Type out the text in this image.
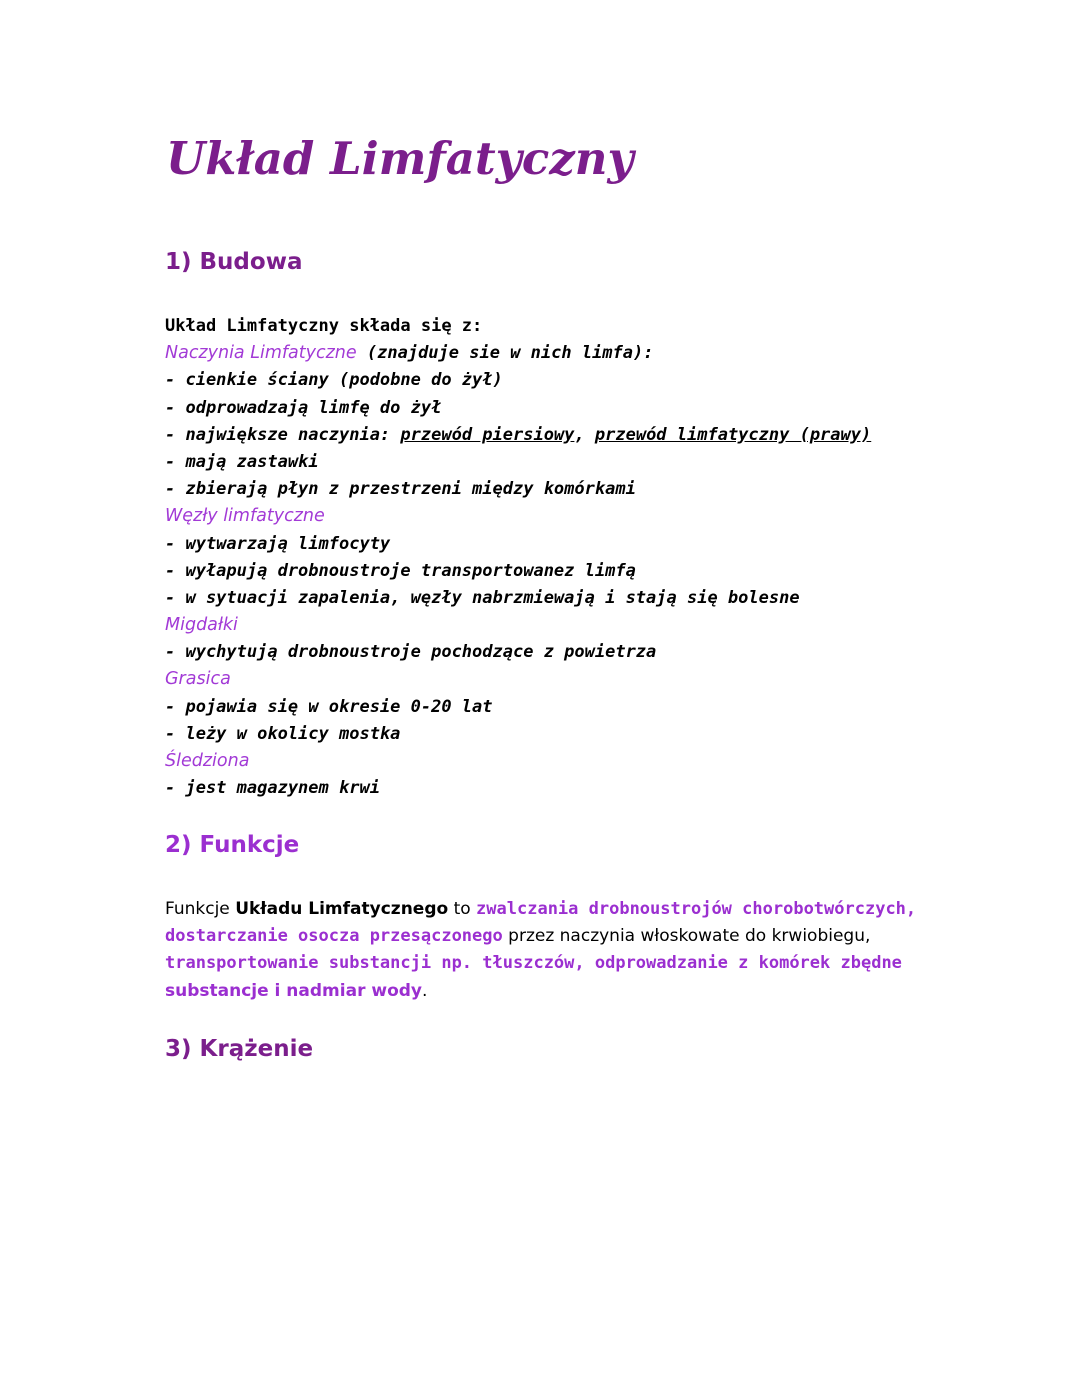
Układ Limfatyczny
1) Budowa
Układ Limfatyczny składa się z:
Naczynia Limfatyczne (znajduje sie w nich limfa):
- cienkie ściany (podobne do żył)
- odprowadzają limfę do żył
- największe naczynia: przewód piersiowy, przewód limfatyczny (prawy)
- mają zastawki
- zbierają płyn z przestrzeni między komórkami
Węzły limfatyczne
- wytwarzają limfocyty
- wyłapują drobnoustroje transportowanez limfą
- w sytuacji zapalenia, węzły nabrzmiewają i stają się bolesne
Migdałki
- wychytują drobnoustroje pochodzące z powietrza
Grasica
- pojawia się w okresie 0-20 lat
- leży w okolicy mostka
Śledziona
- jest magazynem krwi
2) Funkcje
Funkcje Układu Limfatycznego to zwalczania drobnoustrojów chorobotwórczych,
dostarczanie osocza przesączonego przez naczynia włoskowate do krwiobiegu,
transportowanie substancji np. tłuszczów, odprowadzanie z komórek zbędne
substancje i nadmiar wody.
3) Krążenie
